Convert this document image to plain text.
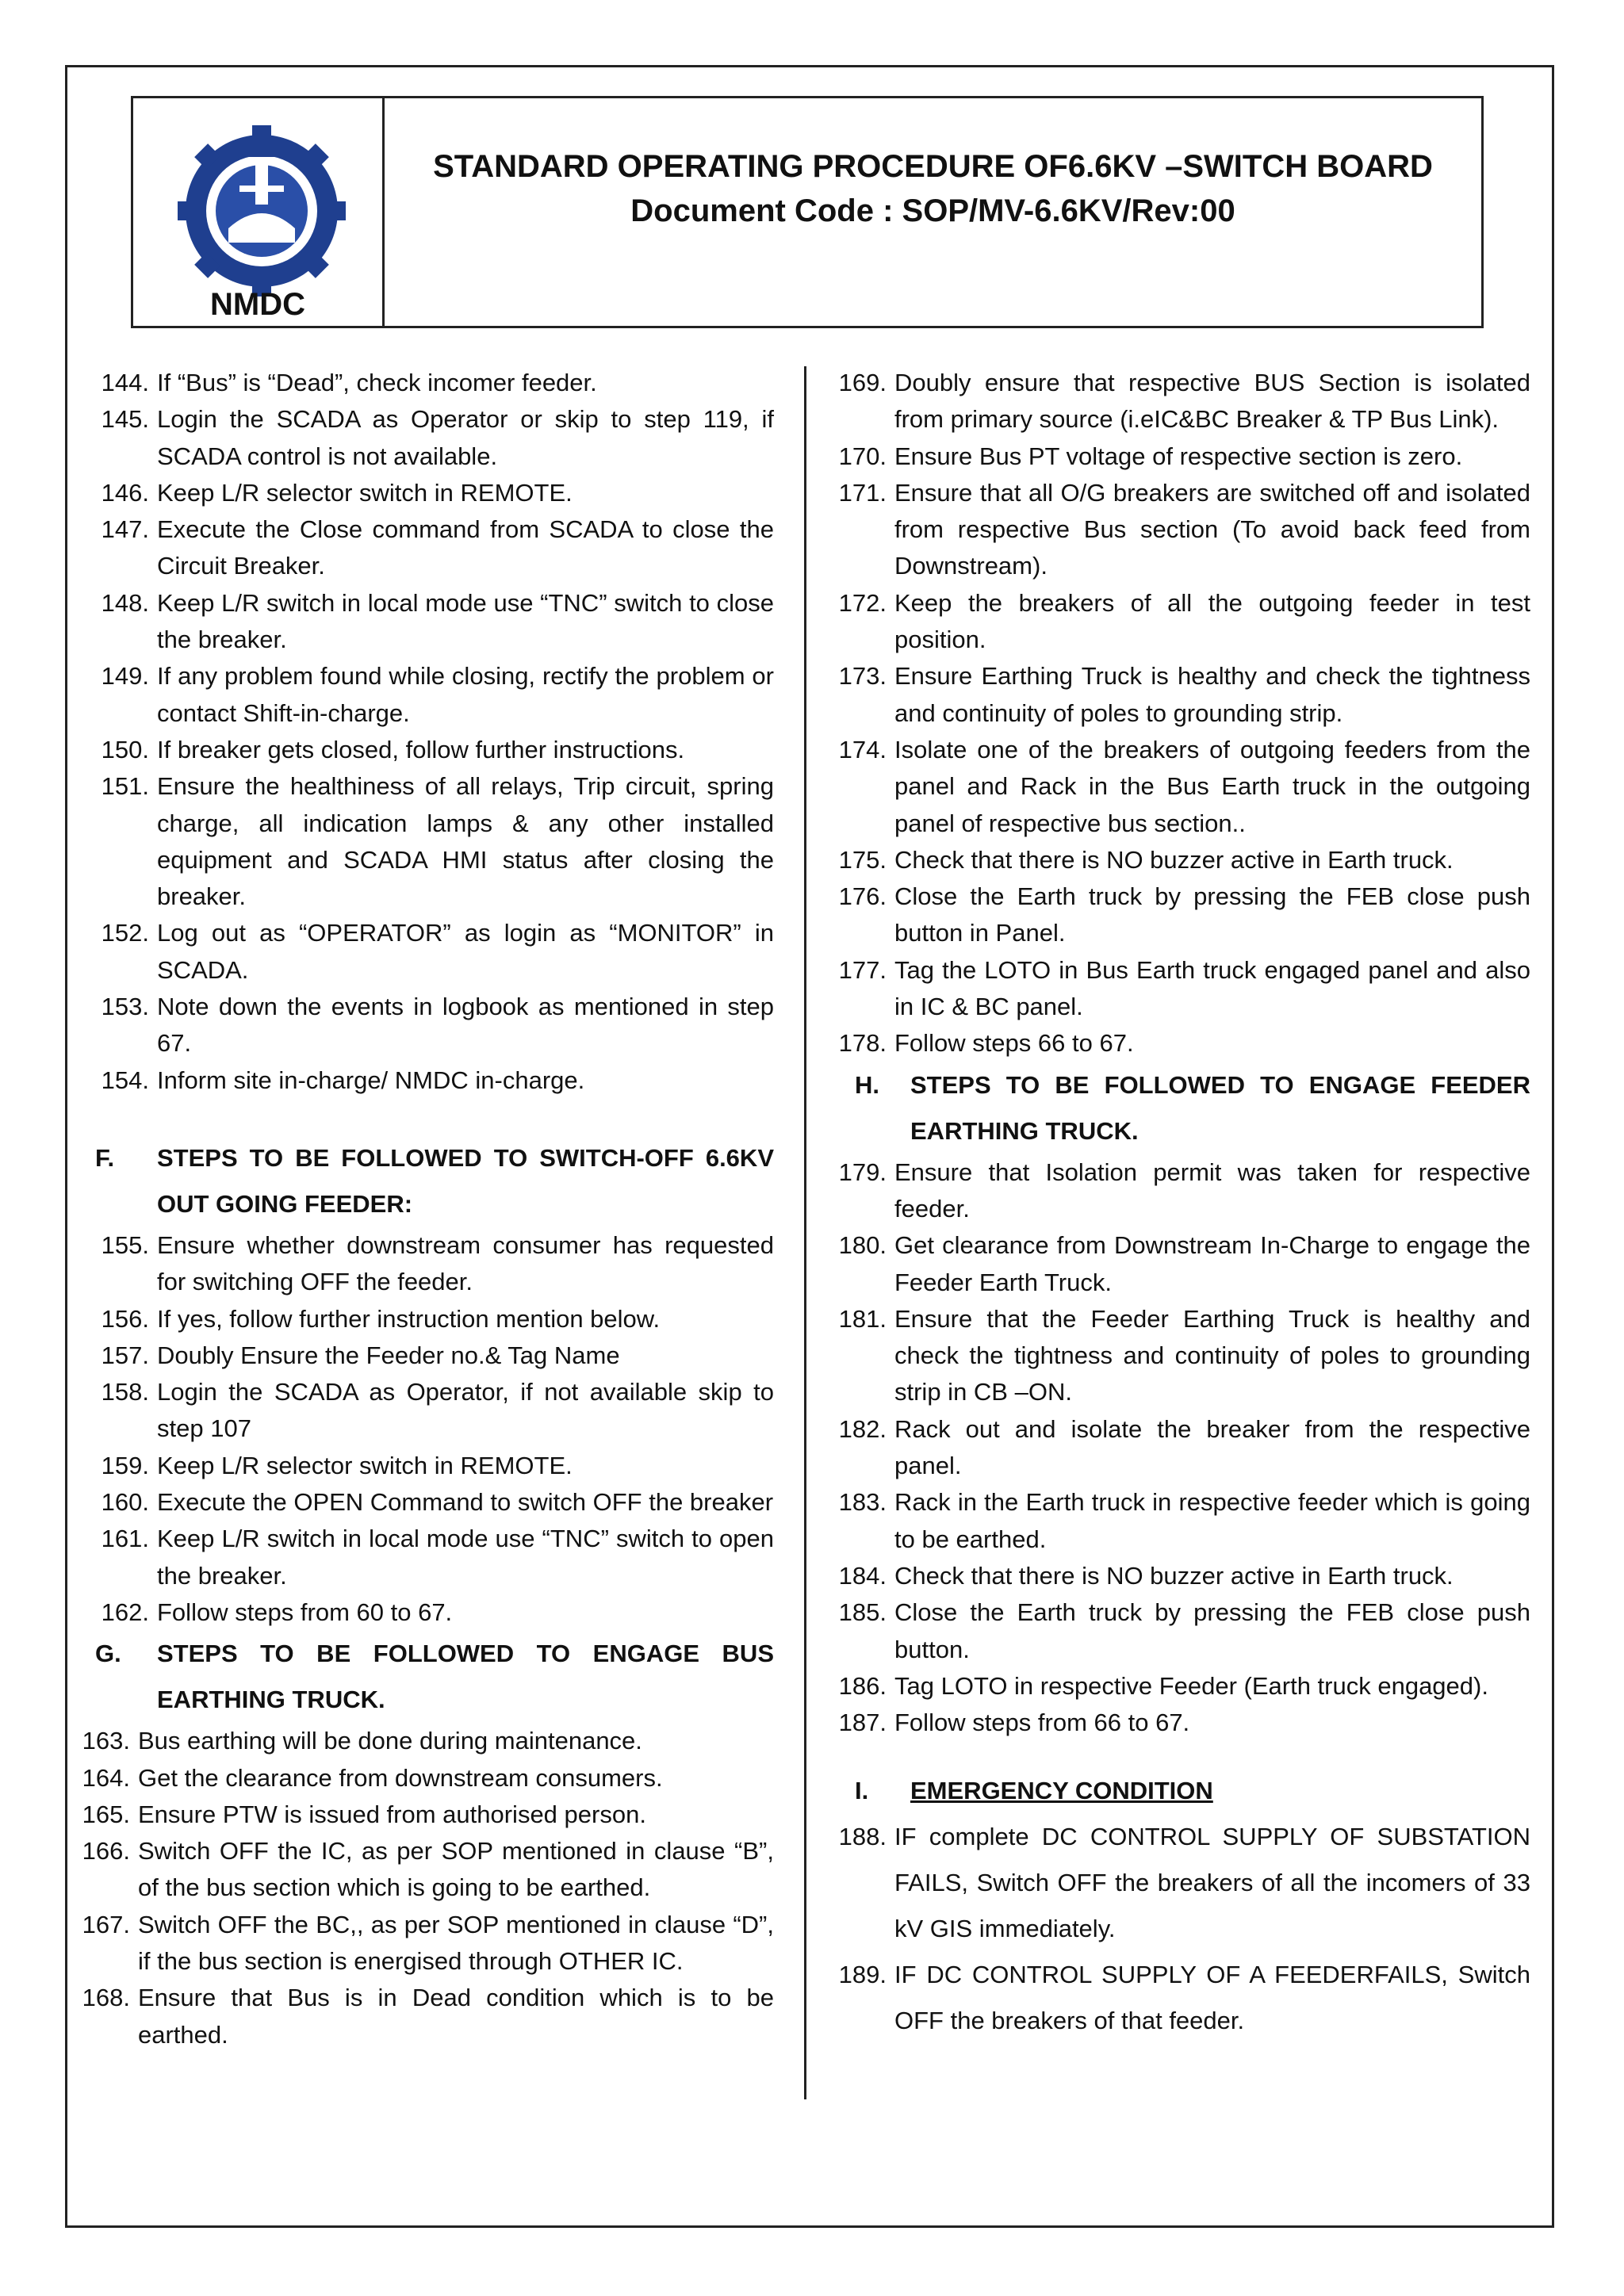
NMDC
STANDARD OPERATING PROCEDURE OF6.6KV –SWITCH BOARD
Document Code : SOP/MV-6.6KV/Rev:00
144. If “Bus” is “Dead”, check incomer feeder.
145. Login the SCADA as Operator or skip to step 119, if SCADA control is not available.
146. Keep L/R selector switch in REMOTE.
147. Execute the Close command from SCADA to close the Circuit Breaker.
148. Keep L/R switch in local mode use “TNC” switch to close the breaker.
149. If any problem found while closing, rectify the problem or contact Shift-in-charge.
150. If breaker gets closed, follow further instructions.
151. Ensure the healthiness of all relays, Trip circuit, spring charge, all indication lamps & any other installed equipment and SCADA HMI status after closing the breaker.
152. Log out as “OPERATOR” as login as “MONITOR” in SCADA.
153. Note down the events in logbook as mentioned in step 67.
154. Inform site in-charge/ NMDC in-charge.
F.	STEPS TO BE FOLLOWED TO SWITCH-OFF 6.6KV OUT GOING FEEDER:
155. Ensure whether downstream consumer has requested for switching OFF the feeder.
156. If yes, follow further instruction mention below.
157. Doubly Ensure the Feeder no.& Tag Name
158. Login the SCADA as Operator, if not available skip to step 107
159. Keep L/R selector switch in REMOTE.
160. Execute the OPEN Command to switch OFF the breaker
161. Keep L/R switch in local mode use “TNC” switch to open the breaker.
162. Follow steps from 60 to 67.
G.	STEPS TO BE FOLLOWED TO ENGAGE BUS EARTHING TRUCK.
163. Bus earthing will be done during maintenance.
164. Get the clearance from downstream consumers.
165. Ensure PTW is issued from authorised person.
166. Switch OFF the IC, as per SOP mentioned in clause “B”, of the bus section which is going to be earthed.
167. Switch OFF the BC,, as per SOP mentioned in clause “D”, if the bus section is energised through OTHER IC.
168. Ensure that Bus is in Dead condition which is to be earthed.
169. Doubly ensure that respective BUS Section is isolated from primary source (i.eIC&BC Breaker & TP Bus Link).
170. Ensure Bus PT voltage of respective section is zero.
171. Ensure that all O/G breakers are switched off and isolated from respective Bus section (To avoid back feed from Downstream).
172. Keep the breakers of all the outgoing feeder in test position.
173. Ensure Earthing Truck is healthy and check the tightness and continuity of poles to grounding strip.
174. Isolate one of the breakers of outgoing feeders from the panel and Rack in the Bus Earth truck in the outgoing panel of respective bus section..
175. Check that there is NO buzzer active in Earth truck.
176. Close the Earth truck by pressing the FEB close push button in Panel.
177. Tag the LOTO in Bus Earth truck engaged panel and also in IC & BC panel.
178. Follow steps 66 to 67.
H.	STEPS TO BE FOLLOWED TO ENGAGE FEEDER EARTHING TRUCK.
179. Ensure that Isolation permit was taken for respective feeder.
180. Get clearance from Downstream In-Charge to engage the Feeder Earth Truck.
181. Ensure that the Feeder Earthing Truck is healthy and check the tightness and continuity of poles to grounding strip in CB –ON.
182. Rack out and isolate the breaker from the respective panel.
183. Rack in the Earth truck in respective feeder which is going to be earthed.
184. Check that there is NO buzzer active in Earth truck.
185. Close the Earth truck by pressing the FEB close push button.
186. Tag LOTO in respective Feeder (Earth truck engaged).
187. Follow steps from 66 to 67.
I.	EMERGENCY CONDITION
188. IF complete DC CONTROL SUPPLY OF SUBSTATION FAILS, Switch OFF the breakers of all the incomers of 33 kV GIS immediately.
189. IF DC CONTROL SUPPLY OF A FEEDERFAILS, Switch OFF the breakers of that feeder.
